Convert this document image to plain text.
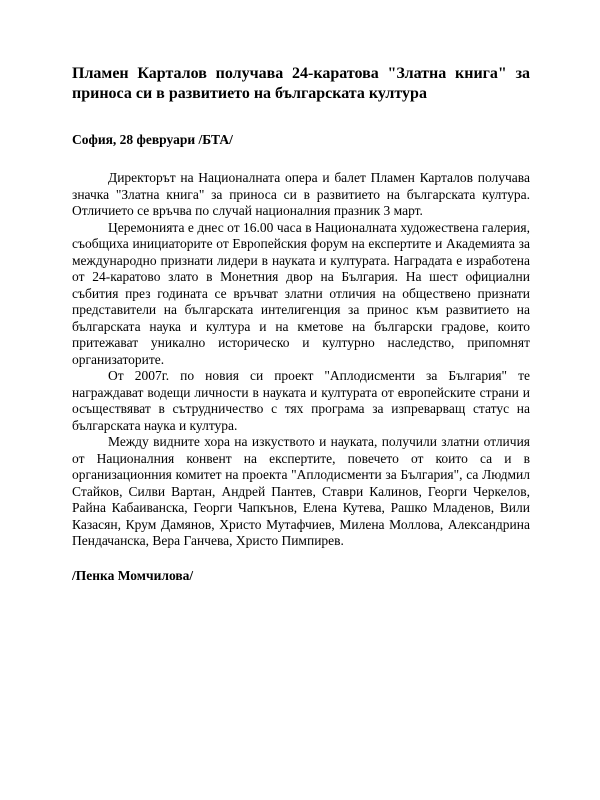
Пламен Карталов получава 24-каратова "Златна книга" за приноса си в развитието на българската култура
София, 28 февруари /БТА/

Директорът на Националната опера и балет Пламен Карталов получава значка "Златна книга" за приноса си в развитието на българската култура. Отличието се връчва по случай националния празник 3 март.

Церемонията е днес от 16.00 часа в Националната художествена галерия, съобщиха инициаторите от Европейския форум на експертите и Академията за международно признати лидери в науката и културата. Наградата е изработена от 24-каратово злато в Монетния двор на България. На шест официални събития през годината се връчват златни отличия на обществено признати представители на българската интелигенция за принос към развитието на българската наука и култура и на кметове на български градове, които притежават уникално историческо и културно наследство, припомнят организаторите.

От 2007г. по новия си проект "Аплодисменти за България" те награждават водещи личности в науката и културата от европейските страни и осъществяват в сътрудничество с тях програма за изпреварващ статус на българската наука и култура.

Между видните хора на изкуството и науката, получили златни отличия от Националния конвент на експертите, повечето от които са и в организационния комитет на проекта "Аплодисменти за България", са Людмил Стайков, Силви Вартан, Андрей Пантев, Ставри Калинов, Георги Черкелов, Райна Кабаиванска, Георги Чапкънов, Елена Кутева, Рашко Младенов, Вили Казасян, Крум Дамянов, Христо Мутафчиев, Милена Моллова, Александрина Пендачанска, Вера Ганчева, Христо Пимпирев.

/Пенка Момчилова/
